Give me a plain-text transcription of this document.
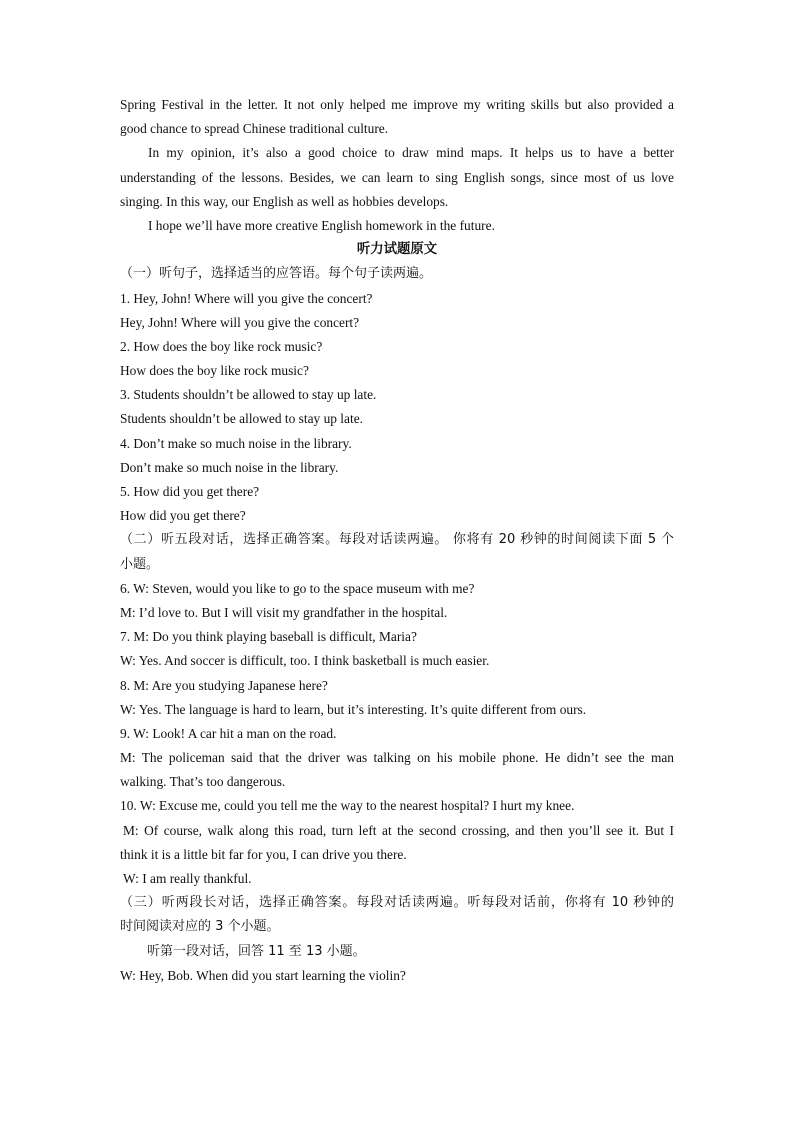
Spring Festival in the letter. It not only helped me improve my writing skills but also provided a
good chance to spread Chinese traditional culture.
In my opinion, it’s also a good choice to draw mind maps. It helps us to have a better
understanding of the lessons. Besides, we can learn to sing English songs, since most of us love
singing. In this way, our English as well as hobbies develops.
I hope we’ll have more creative English homework in the future.
听力试题原文
（一）听句子，选择适当的应答语。每个句子读两遍。
1. Hey, John! Where will you give the concert?
Hey, John! Where will you give the concert?
2. How does the boy like rock music?
How does the boy like rock music?
3. Students shouldn’t be allowed to stay up late.
Students shouldn’t be allowed to stay up late.
4. Don’t make so much noise in the library.
Don’t make so much noise in the library.
5. How did you get there?
How did you get there?
（二）听五段对话，选择正确答案。每段对话读两遍。 你将有 20 秒钟的时间阅读下面 5 个
小题。
6. W: Steven, would you like to go to the space museum with me?
M: I’d love to. But I will visit my grandfather in the hospital.
7. M: Do you think playing baseball is difficult, Maria?
W: Yes. And soccer is difficult, too. I think basketball is much easier.
8. M: Are you studying Japanese here?
W: Yes. The language is hard to learn, but it’s interesting. It’s quite different from ours.
9. W: Look! A car hit a man on the road.
M: The policeman said that the driver was talking on his mobile phone. He didn’t see the man
walking. That’s too dangerous.
10. W: Excuse me, could you tell me the way to the nearest hospital? I hurt my knee.
M: Of course, walk along this road, turn left at the second crossing, and then you’ll see it. But I
think it is a little bit far for you, I can drive you there.
W: I am really thankful.
（三）听两段长对话，选择正确答案。每段对话读两遍。听每段对话前，你将有 10 秒钟的
时间阅读对应的 3 个小题。
听第一段对话，回答 11 至 13 小题。
W: Hey, Bob. When did you start learning the violin?
